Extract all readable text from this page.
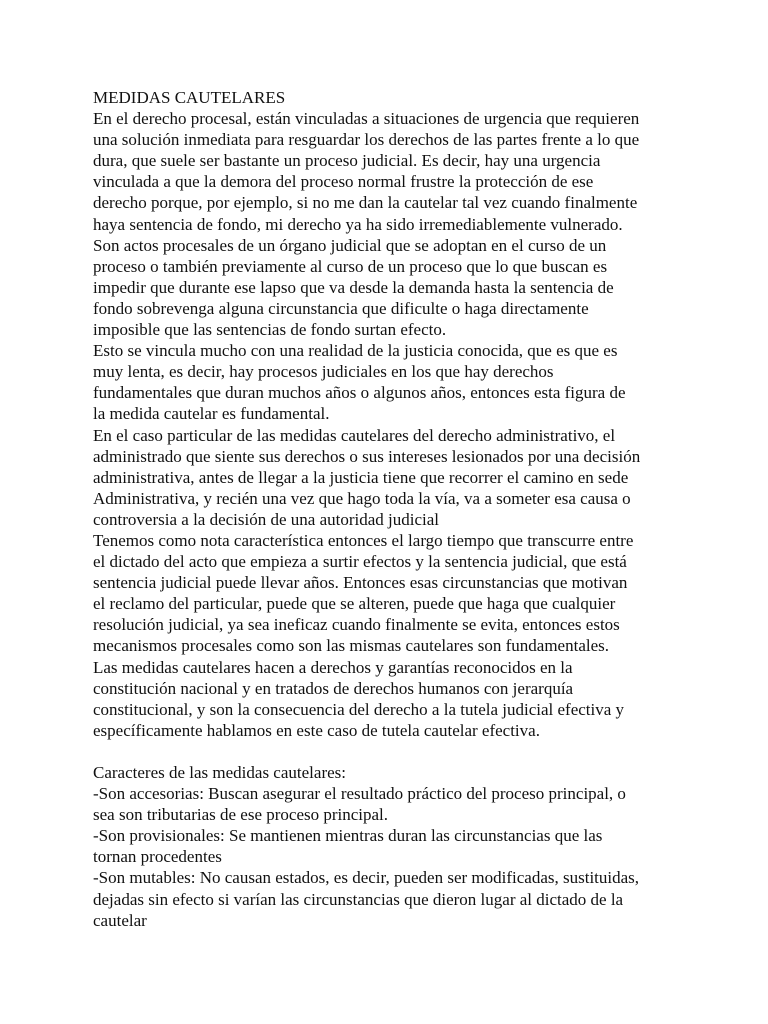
MEDIDAS CAUTELARES
En el derecho procesal, están vinculadas a situaciones de urgencia que requieren
una solución inmediata para resguardar los derechos de las partes frente a lo que
dura, que suele ser bastante un proceso judicial. Es decir, hay una urgencia
vinculada a que la demora del proceso normal frustre la protección de ese
derecho porque, por ejemplo, si no me dan la cautelar tal vez cuando finalmente
haya sentencia de fondo, mi derecho ya ha sido irremediablemente vulnerado.
Son actos procesales de un órgano judicial que se adoptan en el curso de un
proceso o también previamente al curso de un proceso que lo que buscan es
impedir que durante ese lapso que va desde la demanda hasta la sentencia de
fondo sobrevenga alguna circunstancia que dificulte o haga directamente
imposible que las sentencias de fondo surtan efecto.
Esto se vincula mucho con una realidad de la justicia conocida, que es que es
muy lenta, es decir, hay procesos judiciales en los que hay derechos
fundamentales que duran muchos años o algunos años, entonces esta figura de
la medida cautelar es fundamental.
En el caso particular de las medidas cautelares del derecho administrativo, el
administrado que siente sus derechos o sus intereses lesionados por una decisión
administrativa, antes de llegar a la justicia tiene que recorrer el camino en sede
Administrativa, y recién una vez que hago toda la vía, va a someter esa causa o
controversia a la decisión de una autoridad judicial
Tenemos como nota característica entonces el largo tiempo que transcurre entre
el dictado del acto que empieza a surtir efectos y la sentencia judicial, que está
sentencia judicial puede llevar años. Entonces esas circunstancias que motivan
el reclamo del particular, puede que se alteren, puede que haga que cualquier
resolución judicial, ya sea ineficaz cuando finalmente se evita, entonces estos
mecanismos procesales como son las mismas cautelares son fundamentales.
Las medidas cautelares hacen a derechos y garantías reconocidos en la
constitución nacional y en tratados de derechos humanos con jerarquía
constitucional, y son la consecuencia del derecho a la tutela judicial efectiva y
específicamente hablamos en este caso de tutela cautelar efectiva.
Caracteres de las medidas cautelares:
-Son accesorias: Buscan asegurar el resultado práctico del proceso principal, o
sea son tributarias de ese proceso principal.
-Son provisionales: Se mantienen mientras duran las circunstancias que las
tornan procedentes
-Son mutables: No causan estados, es decir, pueden ser modificadas, sustituidas,
dejadas sin efecto si varían las circunstancias que dieron lugar al dictado de la
cautelar
